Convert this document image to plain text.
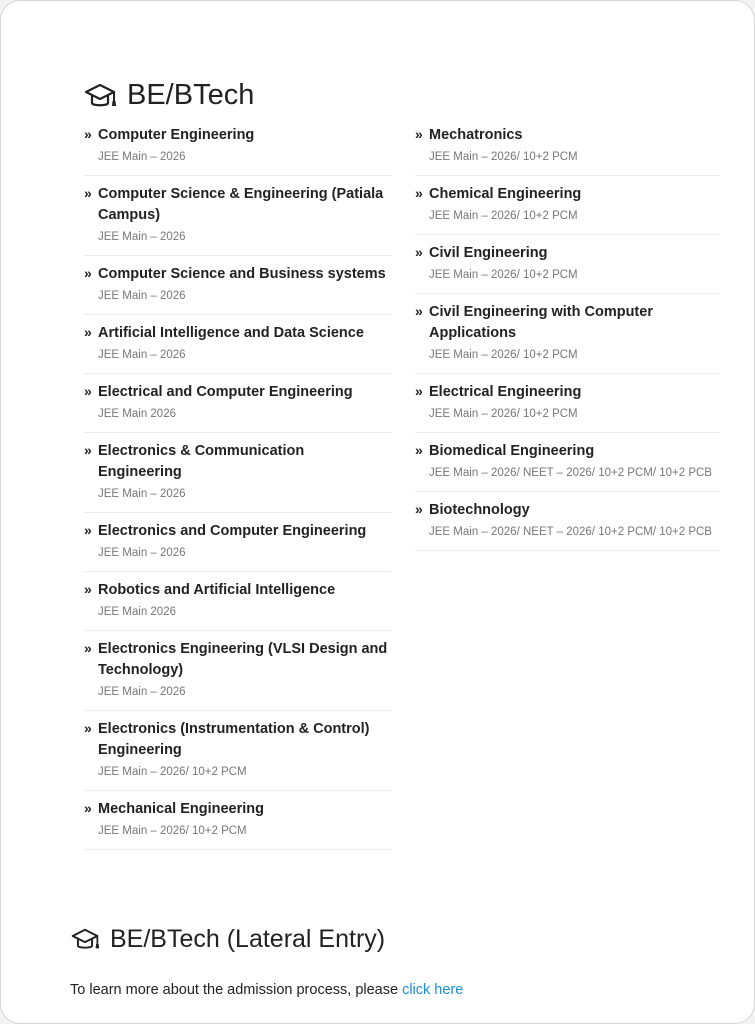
BE/BTech
» Computer Engineering
JEE Main – 2026
» Computer Science & Engineering (Patiala Campus)
JEE Main – 2026
» Computer Science and Business systems
JEE Main – 2026
» Artificial Intelligence and Data Science
JEE Main – 2026
» Electrical and Computer Engineering
JEE Main 2026
» Electronics & Communication Engineering
JEE Main – 2026
» Electronics and Computer Engineering
JEE Main – 2026
» Robotics and Artificial Intelligence
JEE Main 2026
» Electronics Engineering (VLSI Design and Technology)
JEE Main – 2026
» Electronics (Instrumentation & Control) Engineering
JEE Main – 2026/ 10+2 PCM
» Mechanical Engineering
JEE Main – 2026/ 10+2 PCM
» Mechatronics
JEE Main – 2026/ 10+2 PCM
» Chemical Engineering
JEE Main – 2026/ 10+2 PCM
» Civil Engineering
JEE Main – 2026/ 10+2 PCM
» Civil Engineering with Computer Applications
JEE Main – 2026/ 10+2 PCM
» Electrical Engineering
JEE Main – 2026/ 10+2 PCM
» Biomedical Engineering
JEE Main – 2026/ NEET – 2026/ 10+2 PCM/ 10+2 PCB
» Biotechnology
JEE Main – 2026/ NEET – 2026/ 10+2 PCM/ 10+2 PCB
BE/BTech (Lateral Entry)

To learn more about the admission process, please click here
